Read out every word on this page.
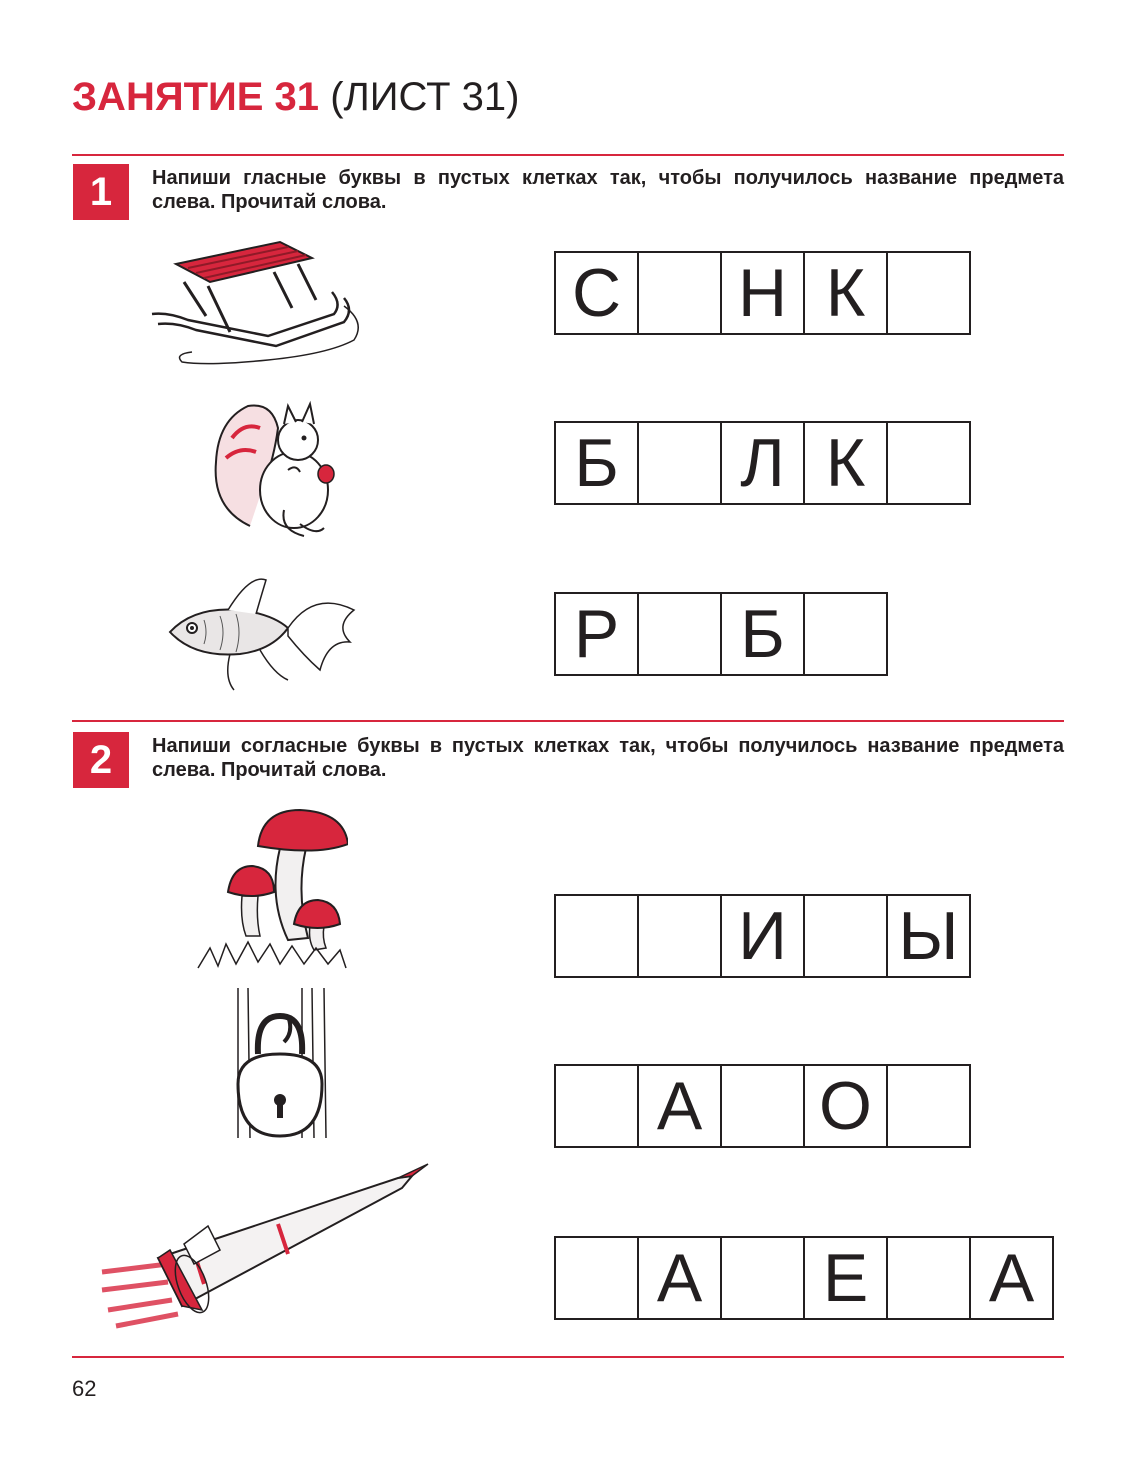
ЗАНЯТИЕ 31 (ЛИСТ 31)
1	Напиши гласные буквы в пустых клетках так, чтобы получилось название предмета слева. Прочитай слова.
С Н К
Б Л К
Р Б
2	Напиши согласные буквы в пустых клетках так, чтобы получилось название предмета слева. Прочитай слова.
И Ы
А О
А Е А
62
